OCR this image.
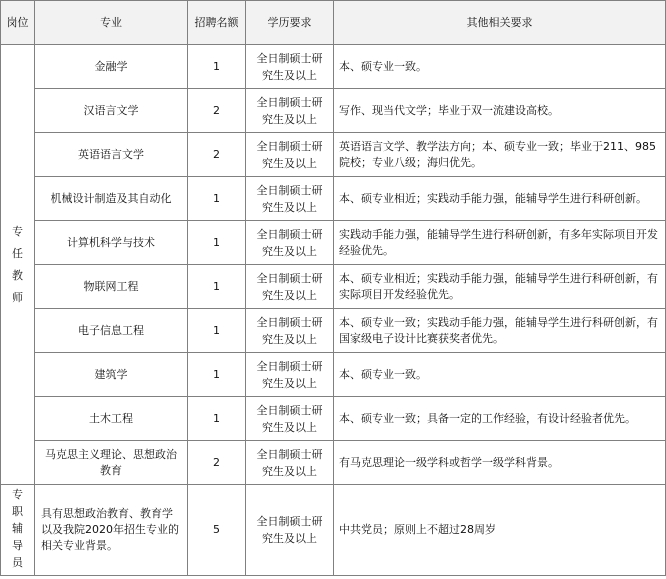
岗位	专业	招聘名额	学历要求	其他相关要求
专任教师	金融学	1	全日制硕士研究生及以上	本、硕专业一致。
	汉语言文学	2	全日制硕士研究生及以上	写作、现当代文学；毕业于双一流建设高校。
	英语语言文学	2	全日制硕士研究生及以上	英语语言文学、教学法方向；本、硕专业一致；毕业于211、985院校；专业八级；海归优先。
	机械设计制造及其自动化	1	全日制硕士研究生及以上	本、硕专业相近；实践动手能力强，能辅导学生进行科研创新。
	计算机科学与技术	1	全日制硕士研究生及以上	实践动手能力强，能辅导学生进行科研创新，有多年实际项目开发经验优先。
	物联网工程	1	全日制硕士研究生及以上	本、硕专业相近；实践动手能力强，能辅导学生进行科研创新，有实际项目开发经验优先。
	电子信息工程	1	全日制硕士研究生及以上	本、硕专业一致；实践动手能力强，能辅导学生进行科研创新，有国家级电子设计比赛获奖者优先。
	建筑学	1	全日制硕士研究生及以上	本、硕专业一致。
	土木工程	1	全日制硕士研究生及以上	本、硕专业一致；具备一定的工作经验，有设计经验者优先。
	马克思主义理论、思想政治教育	2	全日制硕士研究生及以上	有马克思理论一级学科或哲学一级学科背景。
专职辅导员	具有思想政治教育、教育学以及我院2020年招生专业的相关专业背景。	5	全日制硕士研究生及以上	中共党员；原则上不超过28周岁
